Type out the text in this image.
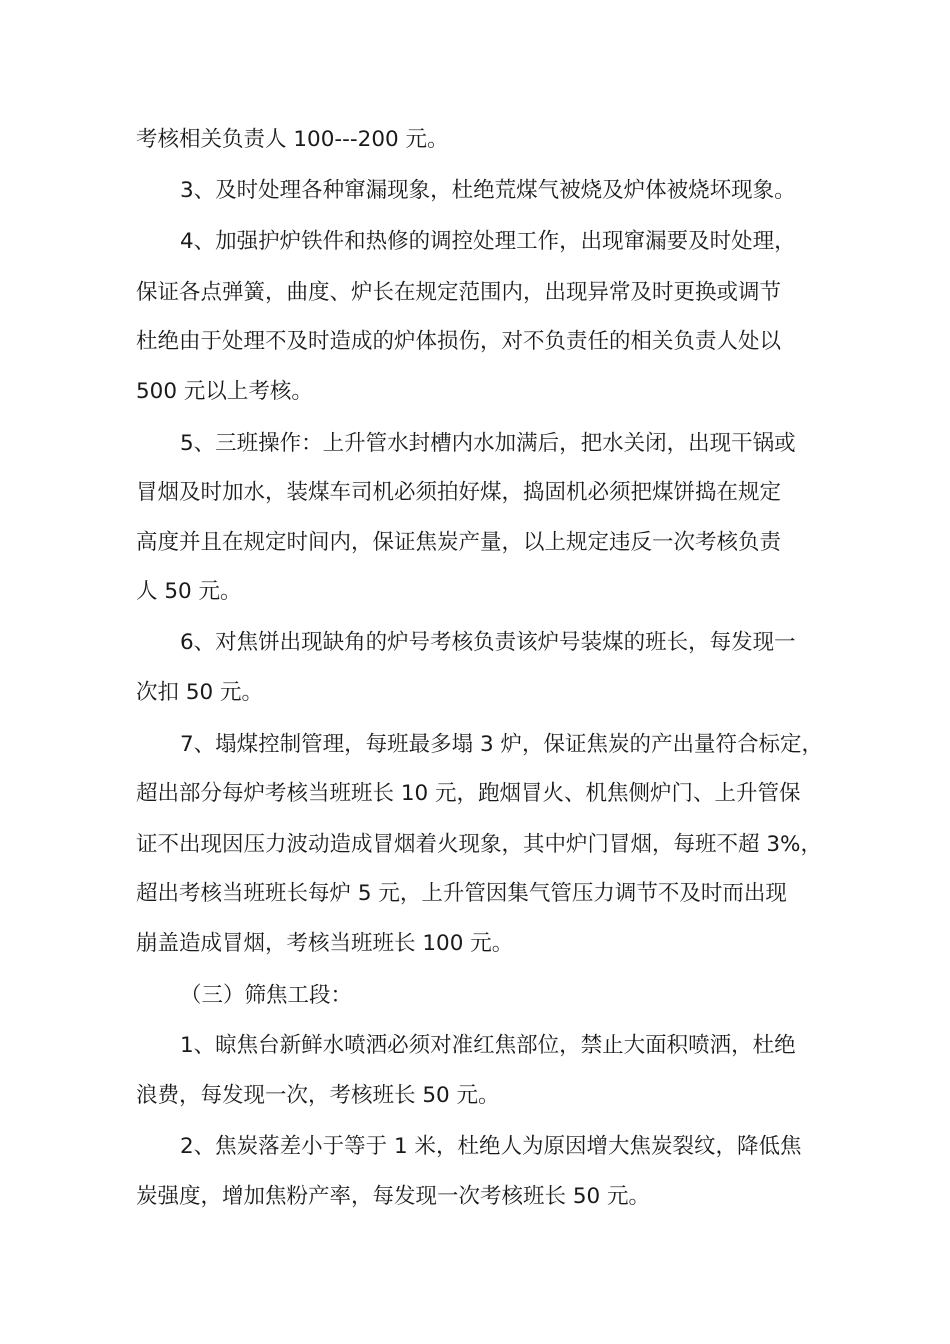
考核相关负责人 100---200 元。
3、及时处理各种窜漏现象，杜绝荒煤气被烧及炉体被烧坏现象。
4、加强护炉铁件和热修的调控处理工作，出现窜漏要及时处理，
保证各点弹簧，曲度、炉长在规定范围内，出现异常及时更换或调节
杜绝由于处理不及时造成的炉体损伤，对不负责任的相关负责人处以
500 元以上考核。
5、三班操作：上升管水封槽内水加满后，把水关闭，出现干锅或
冒烟及时加水，装煤车司机必须拍好煤，捣固机必须把煤饼捣在规定
高度并且在规定时间内，保证焦炭产量，以上规定违反一次考核负责
人 50 元。
6、对焦饼出现缺角的炉号考核负责该炉号装煤的班长，每发现一
次扣 50 元。
7、塌煤控制管理，每班最多塌 3 炉，保证焦炭的产出量符合标定，
超出部分每炉考核当班班长 10 元，跑烟冒火、机焦侧炉门、上升管保
证不出现因压力波动造成冒烟着火现象，其中炉门冒烟，每班不超 3%，
超出考核当班班长每炉 5 元，上升管因集气管压力调节不及时而出现
崩盖造成冒烟，考核当班班长 100 元。
（三）筛焦工段：
1、晾焦台新鲜水喷洒必须对准红焦部位，禁止大面积喷洒，杜绝
浪费，每发现一次，考核班长 50 元。
2、焦炭落差小于等于 1 米，杜绝人为原因增大焦炭裂纹，降低焦
炭强度，增加焦粉产率，每发现一次考核班长 50 元。
